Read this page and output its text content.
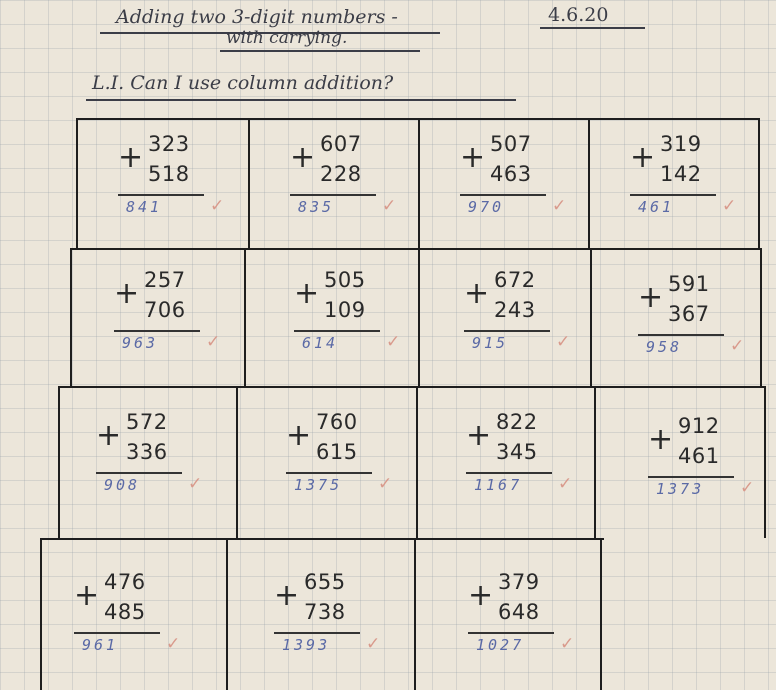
Adding two 3-digit numbers -
with carrying.
4.6.20
L.I. Can I use column addition?
+ 323
518
841	✓
+ 607
228
835	✓
+ 507
463
970	✓
+ 319
142
461	✓
+ 257
706
963	✓
+ 505
109
614	✓
+ 672
243
915	✓
+ 591
367
958	✓
+ 572
336
908	✓
+ 760
615
1375 ✓
+ 822
345
1167 ✓
+ 912
461
1373 ✓
+ 476
485
961	✓
+ 655
738
1393 ✓
+ 379
648
1027 ✓
